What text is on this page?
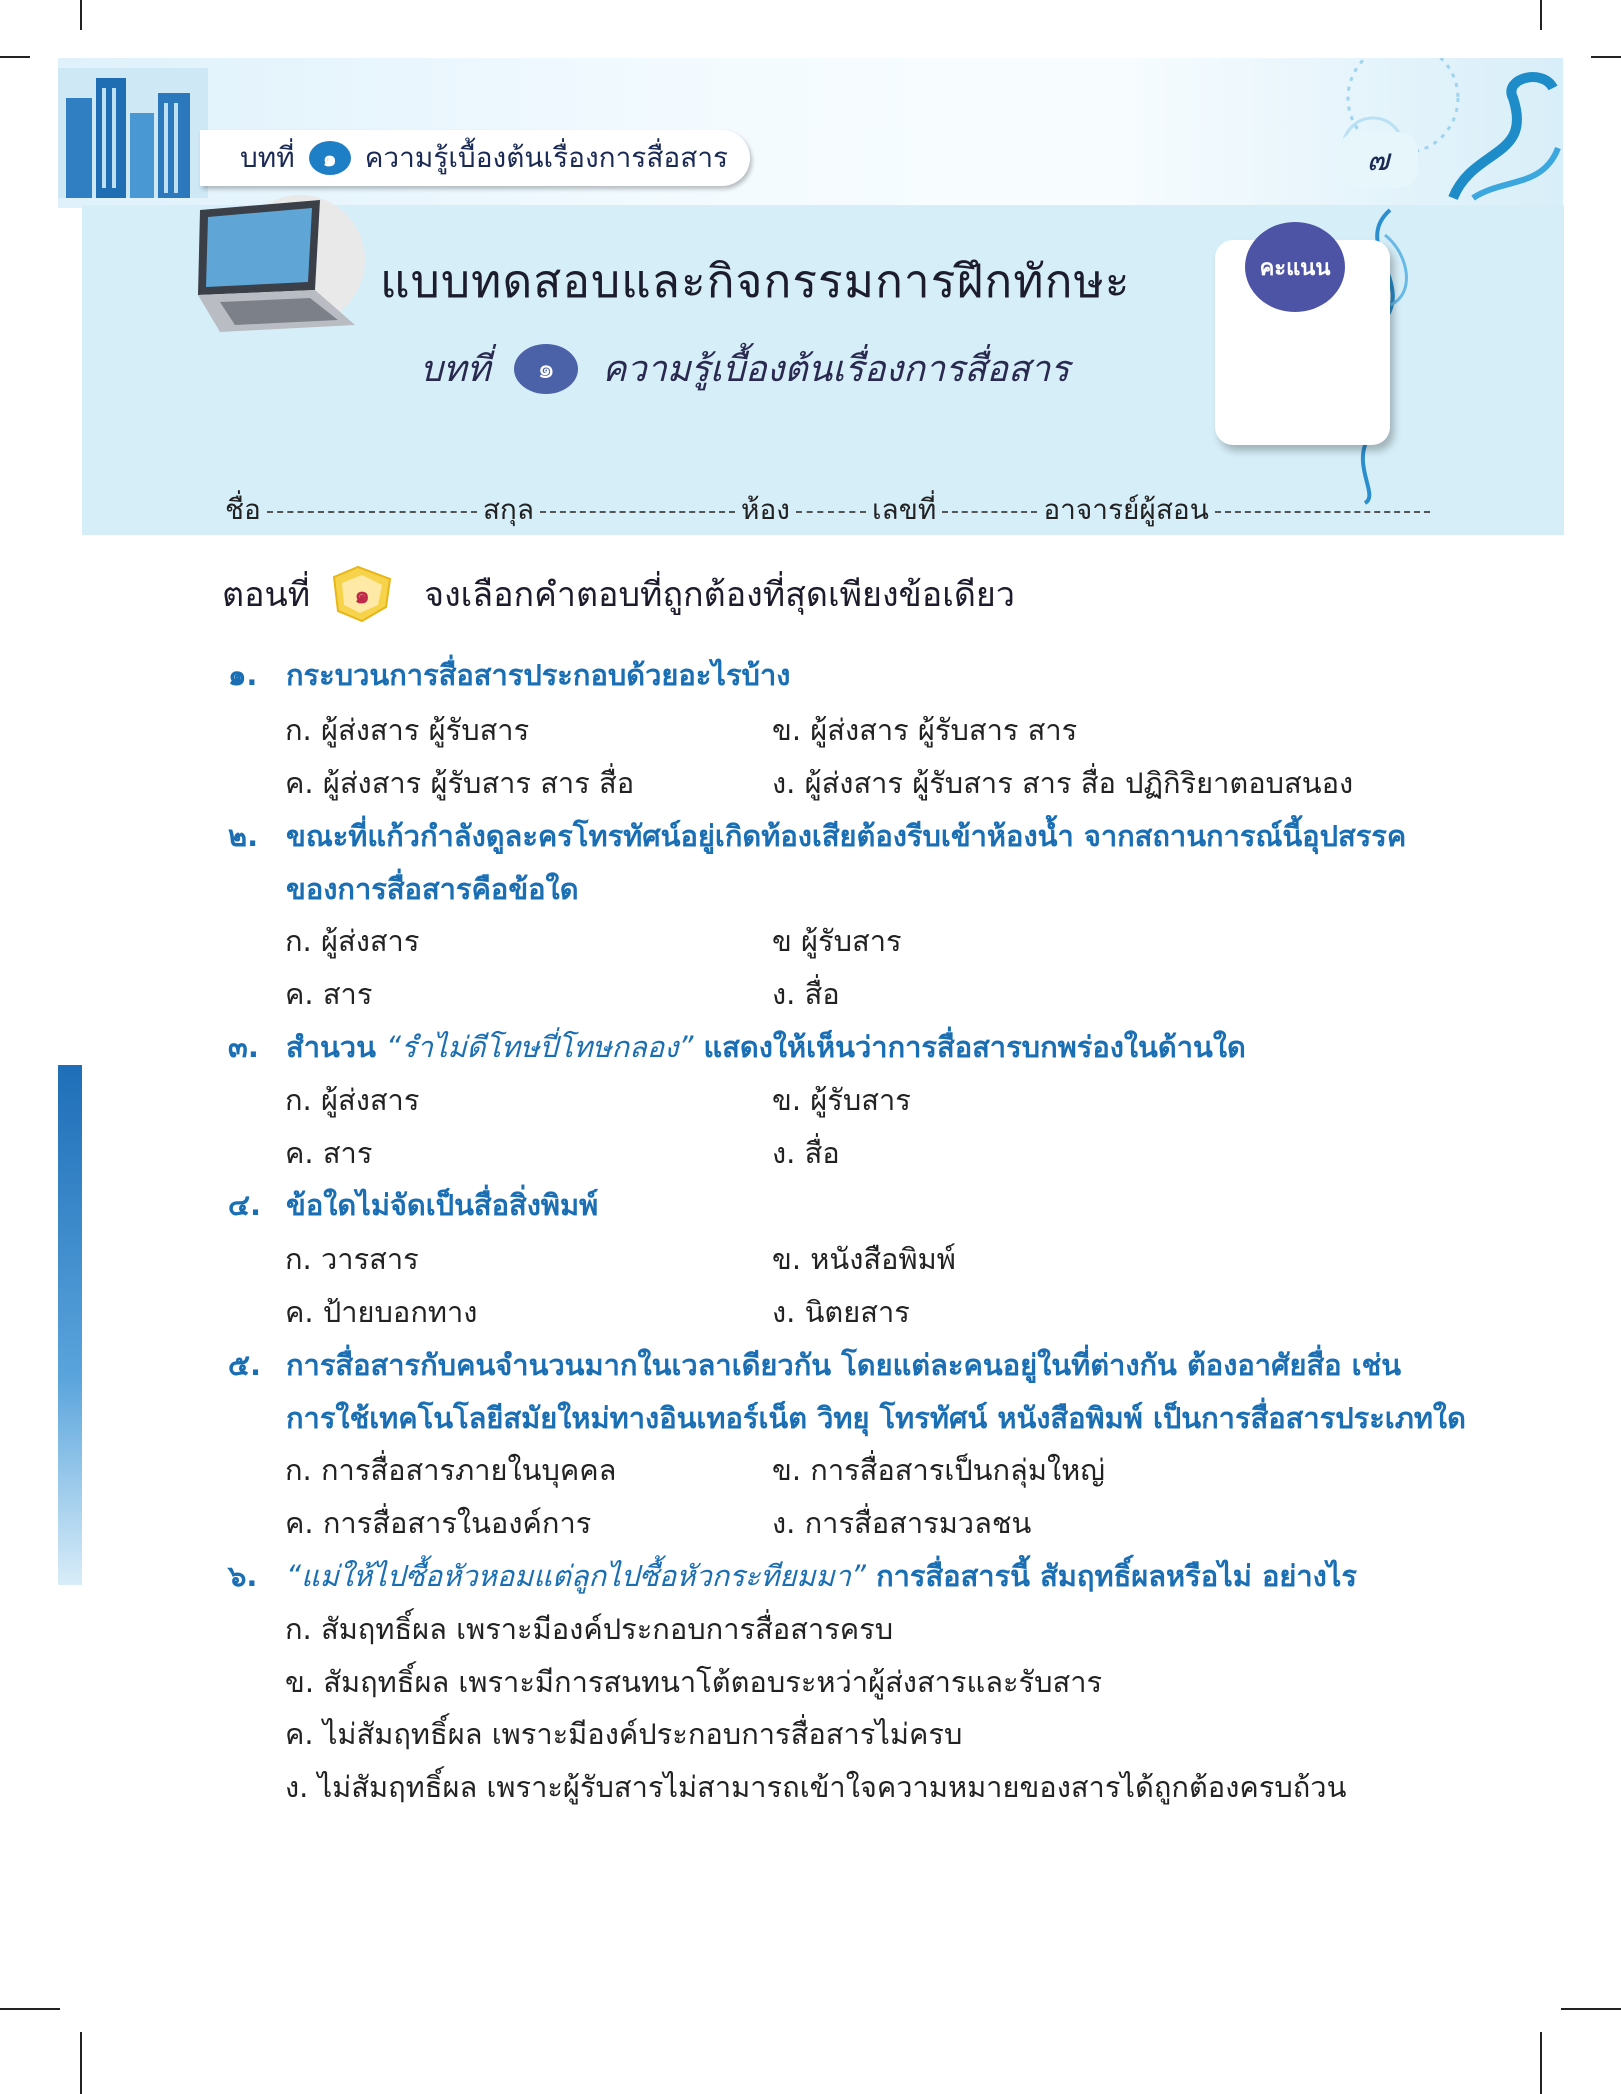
บทที่	๑	ความรู้เบื้องต้นเรื่องการสื่อสาร	๗
แบบทดสอบและกิจกรรมการฝึกทักษะ
บทที่	๑	ความรู้เบื้องต้นเรื่องการสื่อสาร
คะแนน
ชื่อ	สกุล	ห้อง	เลขที่	อาจารย์ผู้สอน
ตอนที่	๑	จงเลือกคำตอบที่ถูกต้องที่สุดเพียงข้อเดียว
๑. กระบวนการสื่อสารประกอบด้วยอะไรบ้าง
ก. ผู้ส่งสาร ผู้รับสาร	ข. ผู้ส่งสาร ผู้รับสาร สาร
ค. ผู้ส่งสาร ผู้รับสาร สาร สื่อ	ง. ผู้ส่งสาร ผู้รับสาร สาร สื่อ ปฏิกิริยาตอบสนอง
๒. ขณะที่แก้วกำลังดูละครโทรทัศน์อยู่เกิดท้องเสียต้องรีบเข้าห้องน้ำ จากสถานการณ์นี้อุปสรรค
ของการสื่อสารคือข้อใด
ก. ผู้ส่งสาร	ข ผู้รับสาร
ค. สาร	ง. สื่อ
๓. สำนวน “รำไม่ดีโทษปี่โทษกลอง” แสดงให้เห็นว่าการสื่อสารบกพร่องในด้านใด
ก. ผู้ส่งสาร	ข. ผู้รับสาร
ค. สาร	ง. สื่อ
๔. ข้อใดไม่จัดเป็นสื่อสิ่งพิมพ์
ก. วารสาร	ข. หนังสือพิมพ์
ค. ป้ายบอกทาง	ง. นิตยสาร
๕. การสื่อสารกับคนจำนวนมากในเวลาเดียวกัน โดยแต่ละคนอยู่ในที่ต่างกัน ต้องอาศัยสื่อ เช่น
การใช้เทคโนโลยีสมัยใหม่ทางอินเทอร์เน็ต วิทยุ โทรทัศน์ หนังสือพิมพ์ เป็นการสื่อสารประเภทใด
ก. การสื่อสารภายในบุคคล	ข. การสื่อสารเป็นกลุ่มใหญ่
ค. การสื่อสารในองค์การ	ง. การสื่อสารมวลชน
๖. “แม่ให้ไปซื้อหัวหอมแต่ลูกไปซื้อหัวกระทียมมา” การสื่อสารนี้ สัมฤทธิ์ผลหรือไม่ อย่างไร
ก. สัมฤทธิ์ผล เพราะมีองค์ประกอบการสื่อสารครบ
ข. สัมฤทธิ์ผล เพราะมีการสนทนาโต้ตอบระหว่าผู้ส่งสารและรับสาร
ค. ไม่สัมฤทธิ์ผล เพราะมีองค์ประกอบการสื่อสารไม่ครบ
ง. ไม่สัมฤทธิ์ผล เพราะผู้รับสารไม่สามารถเข้าใจความหมายของสารได้ถูกต้องครบถ้วน
